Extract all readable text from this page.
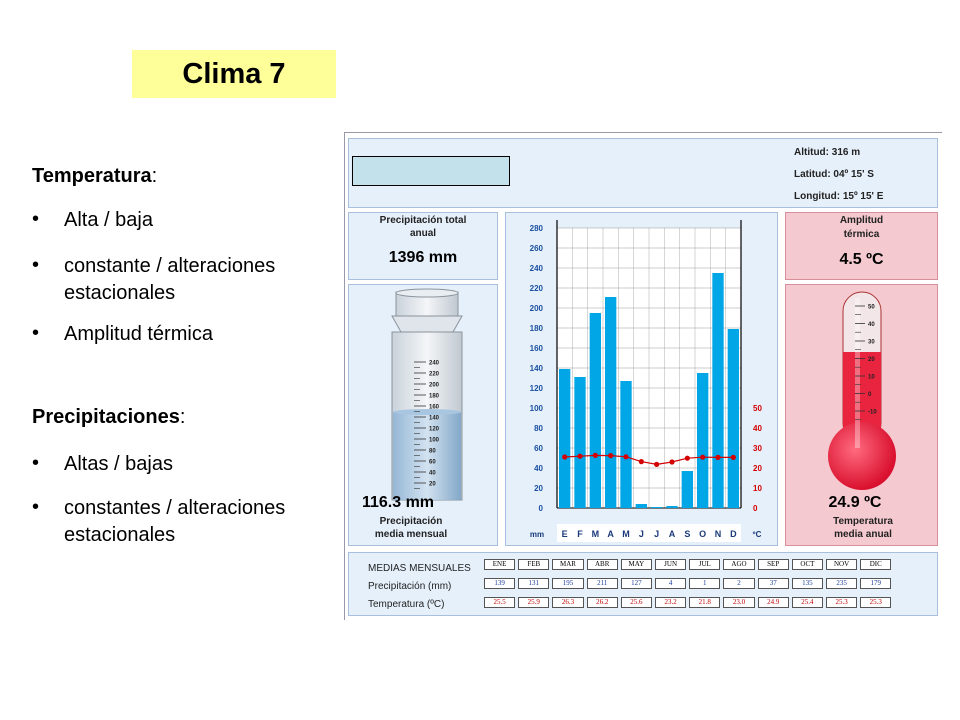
Clima 7
Temperatura:
• Alta / baja
• constante / alteraciones
estacionales
• Amplitud térmica
Precipitaciones:
• Altas / bajas
• constantes / alteraciones
estacionales
Altitud: 316 m
Latitud: 04º 15' S
Longitud: 15º 15' E
Precipitación total
anual
1396 mm
240
220
200
180
160
140
120
100
80
60
40
20
116.3 mm
Precipitación
media mensual
0
20
40
60
80
100
120
140
160
180
200
220
240
260
280
0
10
20
30
40
50
E F M A M J J A S O N D
mm	ºC
Amplitud
térmica
4.5 ºC
50
40
30
20
10
0
-10
24.9 ºC
Temperatura
media anual
MEDIAS MENSUALES
Precipitación (mm)
Temperatura (ºC)
ENE
139
25.5
FEB
131
25.9
MAR
195
26.3
ABR
211
26.2
MAY
127
25.6
JUN
4
23.2
JUL
1
21.8
AGO
2
23.0
SEP
37
24.9
OCT
135
25.4
NOV
235
25.3
DIC
179
25.3
